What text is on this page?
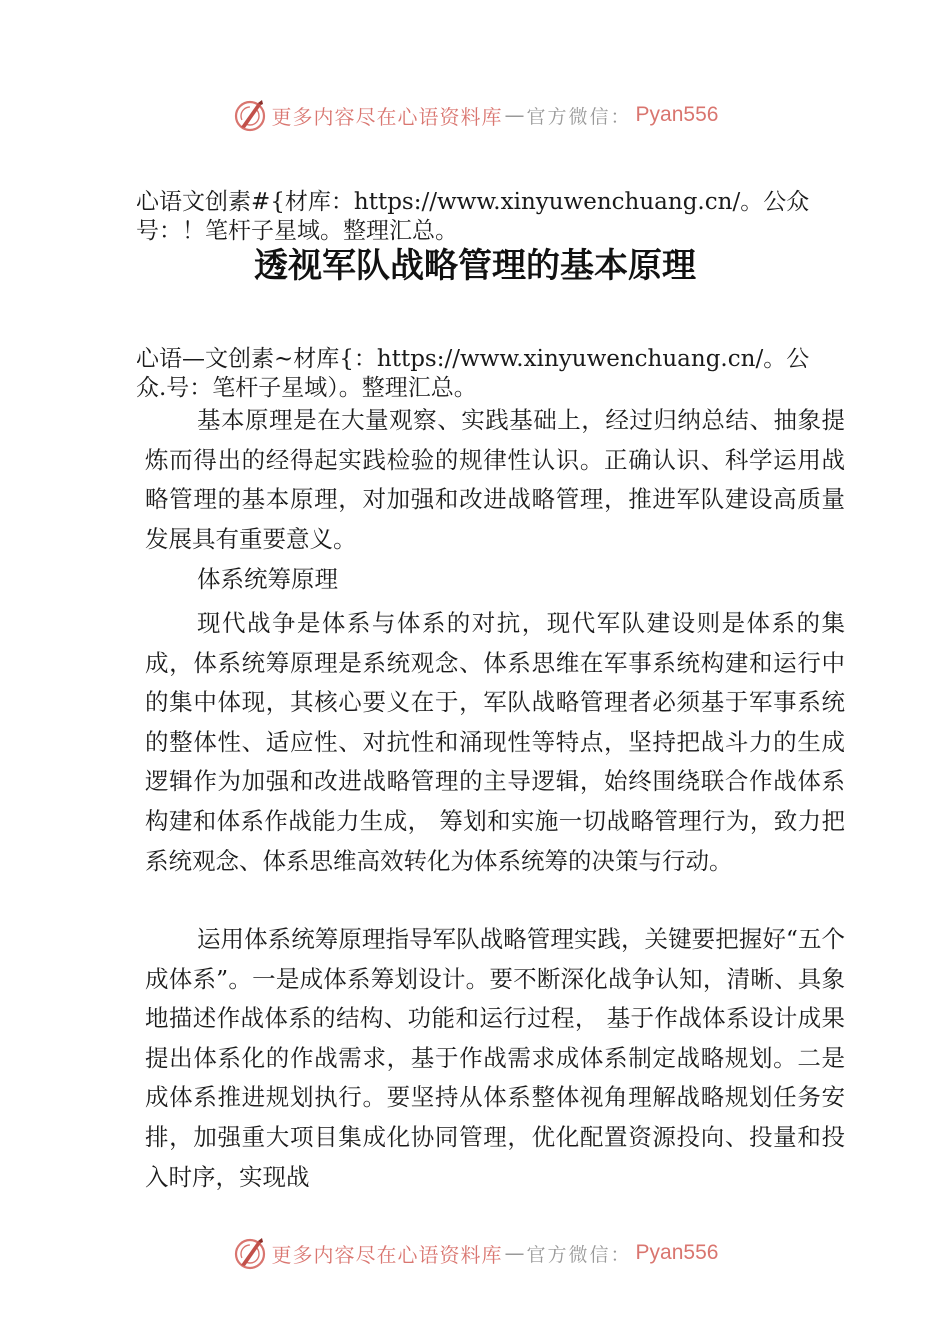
更多内容尽在心语资料库 — 官方微信： Pyan556
心语文创素#{材库：https://www.xinyuwenchuang.cn/。公众
号：！笔杆子星域。整理汇总。
透视军队战略管理的基本原理
心语—文创素~材库{：https://www.xinyuwenchuang.cn/。公
众.号：笔杆子星域）。整理汇总。

基本原理是在大量观察、实践基础上，经过归纳总结、抽象提炼而得出的经得起实践检验的规律性认识。正确认识、科学运用战略管理的基本原理，对加强和改进战略管理，推进军队建设高质量发展具有重要意义。

体系统筹原理

现代战争是体系与体系的对抗，现代军队建设则是体系的集成，体系统筹原理是系统观念、体系思维在军事系统构建和运行中的集中体现，其核心要义在于，军队战略管理者必须基于军事系统的整体性、适应性、对抗性和涌现性等特点，坚持把战斗力的生成逻辑作为加强和改进战略管理的主导逻辑，始终围绕联合作战体系构建和体系作战能力生成， 筹划和实施一切战略管理行为，致力把系统观念、体系思维高效转化为体系统筹的决策与行动。

运用体系统筹原理指导军队战略管理实践，关键要把握好“五个成体系”。一是成体系筹划设计。要不断深化战争认知，清晰、具象地描述作战体系的结构、功能和运行过程， 基于作战体系设计成果提出体系化的作战需求，基于作战需求成体系制定战略规划。二是成体系推进规划执行。要坚持从体系整体视角理解战略规划任务安排，加强重大项目集成化协同管理，优化配置资源投向、投量和投入时序，实现战

更多内容尽在心语资料库 — 官方微信： Pyan556
